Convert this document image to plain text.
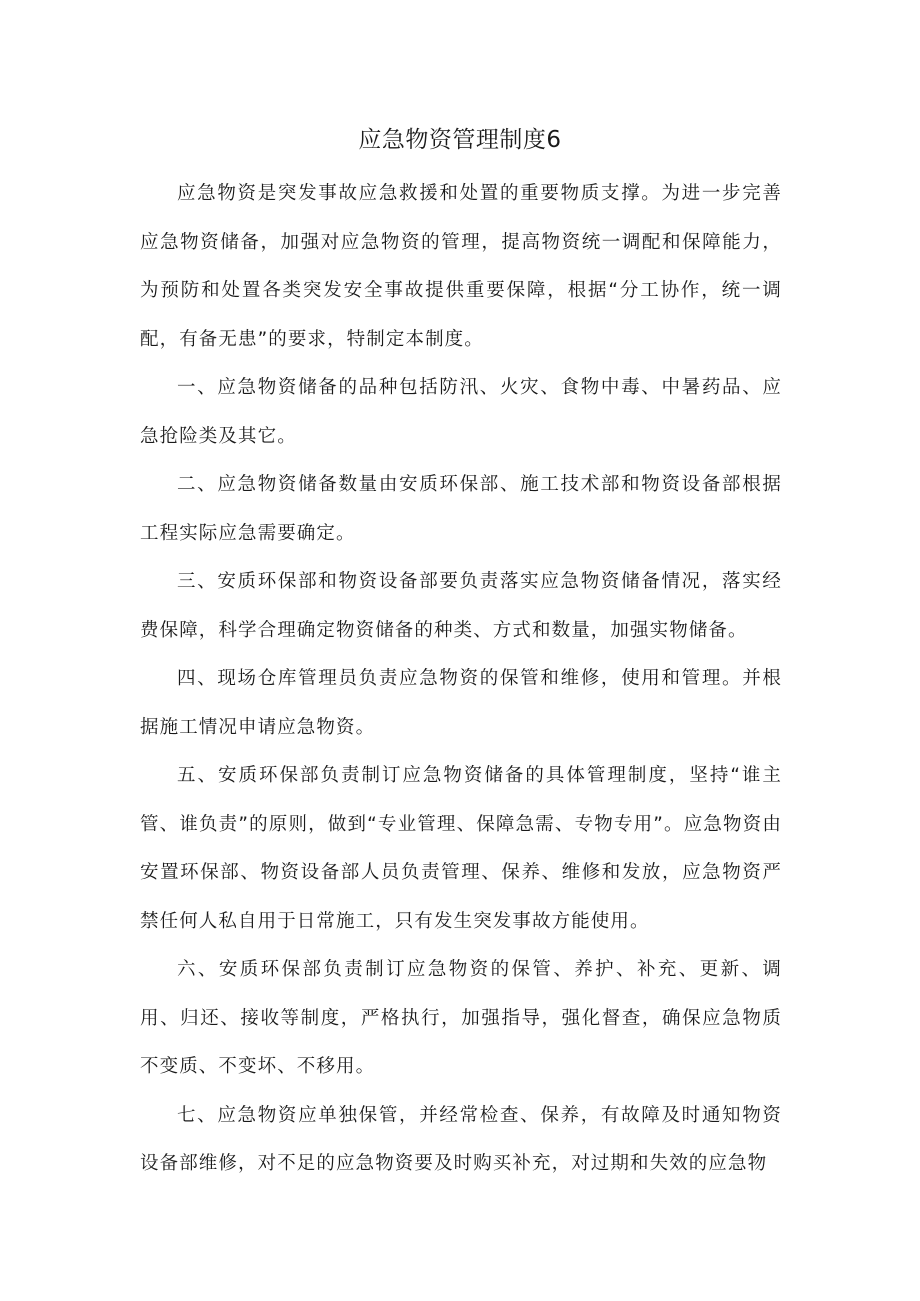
应急物资管理制度6

应急物资是突发事故应急救援和处置的重要物质支撑。为进一步完善应急物资储备，加强对应急物资的管理，提高物资统一调配和保障能力，为预防和处置各类突发安全事故提供重要保障，根据“分工协作，统一调配，有备无患”的要求，特制定本制度。

一、应急物资储备的品种包括防汛、火灾、食物中毒、中暑药品、应急抢险类及其它。

二、应急物资储备数量由安质环保部、施工技术部和物资设备部根据工程实际应急需要确定。

三、安质环保部和物资设备部要负责落实应急物资储备情况，落实经费保障，科学合理确定物资储备的种类、方式和数量，加强实物储备。

四、现场仓库管理员负责应急物资的保管和维修，使用和管理。并根据施工情况申请应急物资。

五、安质环保部负责制订应急物资储备的具体管理制度，坚持“谁主管、谁负责”的原则，做到“专业管理、保障急需、专物专用”。应急物资由安置环保部、物资设备部人员负责管理、保养、维修和发放，应急物资严禁任何人私自用于日常施工，只有发生突发事故方能使用。

六、安质环保部负责制订应急物资的保管、养护、补充、更新、调用、归还、接收等制度，严格执行，加强指导，强化督查，确保应急物质不变质、不变坏、不移用。

七、应急物资应单独保管，并经常检查、保养，有故障及时通知物资设备部维修，对不足的应急物资要及时购买补充，对过期和失效的应急物
